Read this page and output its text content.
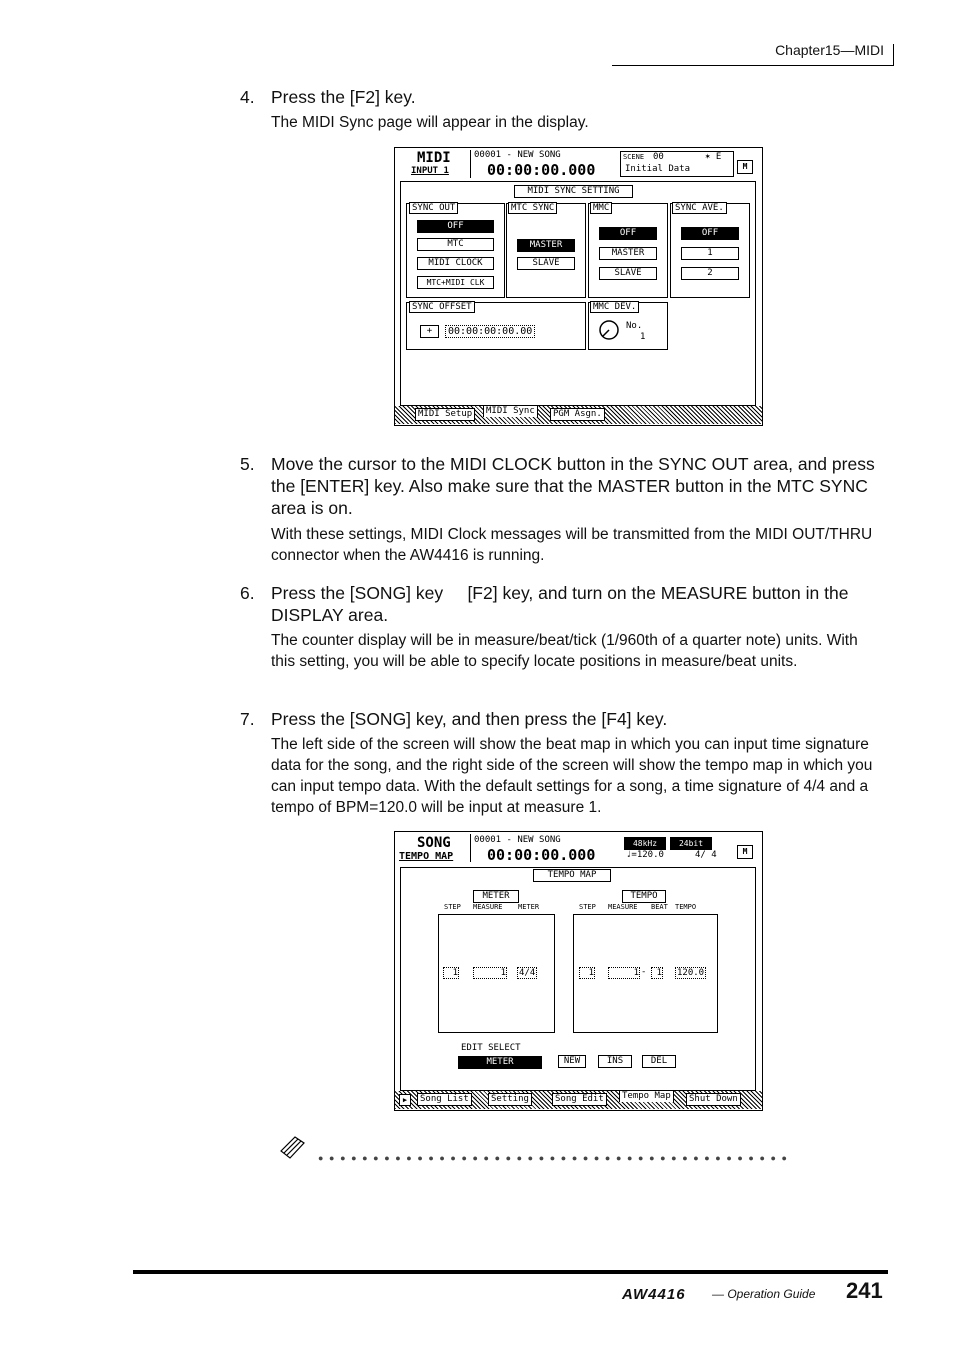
Chapter15—MIDI
4. Press the [F2] key.
The MIDI Sync page will appear in the display.
MIDI
INPUT 1
00001 - NEW SONG
00:00:00.000
SCENE 00	✶ E
Initial Data	M
MIDI SYNC SETTING
SYNC OUT
OFF
MTC
MIDI CLOCK
MTC+MIDI CLK
MTC SYNC
MASTER
SLAVE
MMC
OFF
MASTER
SLAVE
SYNC AVE.
OFF
1
2
SYNC OFFSET
+	00:00:00:00.00
MMC DEV.
No.
1
MIDI Setup	MIDI Sync	PGM Asgn.
5. Move the cursor to the MIDI CLOCK button in the SYNC OUT area, and press the [ENTER] key. Also make sure that the MASTER button in the MTC SYNC area is on.
With these settings, MIDI Clock messages will be transmitted from the MIDI OUT/THRU connector when the AW4416 is running.
6. Press the [SONG] key     [F2] key, and turn on the MEASURE button in the DISPLAY area.
The counter display will be in measure/beat/tick (1/960th of a quarter note) units. With this setting, you will be able to specify locate positions in measure/beat units.
7. Press the [SONG] key, and then press the [F4] key.
The left side of the screen will show the beat map in which you can input time signature data for the song, and the right side of the screen will show the tempo map in which you can input tempo data. With the default settings for a song, a time signature of 4/4 and a tempo of BPM=120.0 will be input at measure 1.
SONG
TEMPO MAP
00001 - NEW SONG
00:00:00.000
48kHz	24bit
♩=120.0	4/ 4	M
TEMPO MAP
METER
STEP MEASURE METER
1	1 4/4
TEMPO
STEP MEASURE BEAT TEMPO
1	1 -	1 120.0
EDIT SELECT
METER	NEW	INS	DEL
▶	Song List	Setting	Song Edit	Tempo Map	Shut Down
●●●●●●●●●●●●●●●●●●●●●●●●●●●●●●●●●●●●●●●●●●●
AW4416 — Operation Guide 241
